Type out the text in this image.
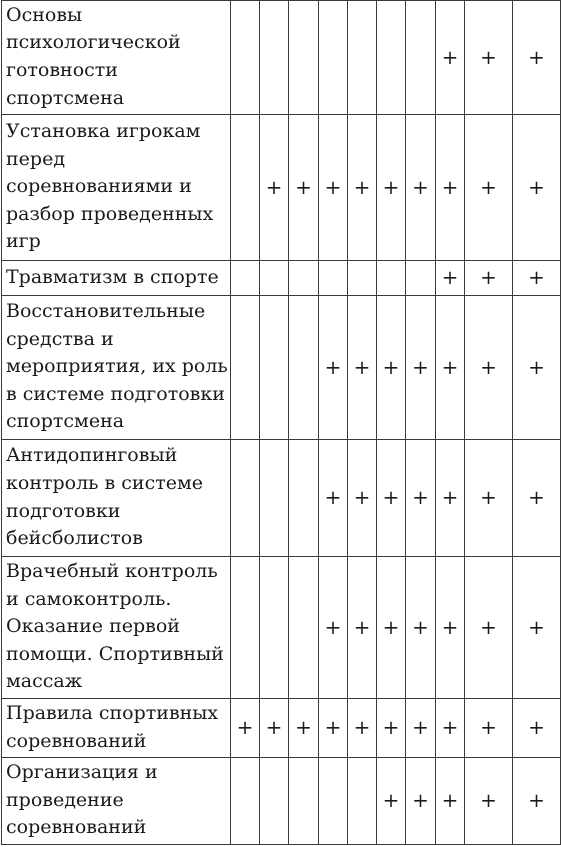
Основы
психологической
готовности
спортсмена								+	+	+
Установка игрокам
перед
соревнованиями и
разбор проведенных
игр		+	+	+	+	+	+	+	+	+
Травматизм в спорте								+	+	+
Восстановительные
средства и
мероприятия, их роль
в системе подготовки
спортсмена				+	+	+	+	+	+	+
Антидопинговый
контроль в системе
подготовки
бейсболистов				+	+	+	+	+	+	+
Врачебный контроль
и самоконтроль.
Оказание первой
помощи. Спортивный
массаж				+	+	+	+	+	+	+
Правила спортивных
соревнований	+	+	+	+	+	+	+	+	+	+
Организация и
проведение
соревнований						+	+	+	+	+
